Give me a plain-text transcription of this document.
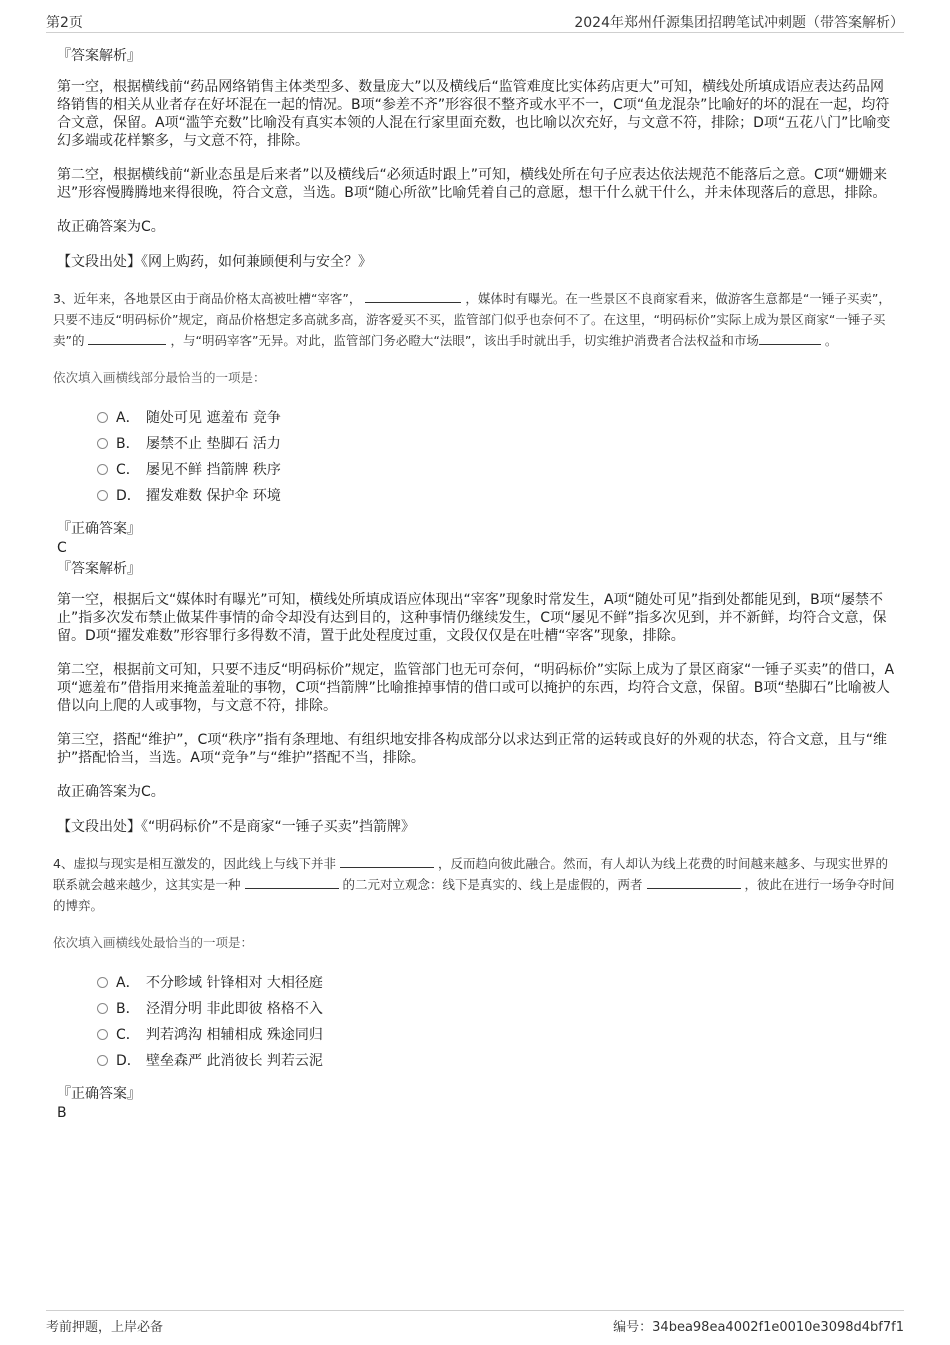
第2页	2024年郑州仟源集团招聘笔试冲刺题（带答案解析）
『答案解析』

第一空，根据横线前“药品网络销售主体类型多、数量庞大”以及横线后“监管难度比实体药店更大”可知，横线处所填成语应表达药品网络销售的相关从业者存在好坏混在一起的情况。B项“参差不齐”形容很不整齐或水平不一，C项“鱼龙混杂”比喻好的坏的混在一起，均符合文意，保留。A项“滥竽充数”比喻没有真实本领的人混在行家里面充数，也比喻以次充好，与文意不符，排除；D项“五花八门”比喻变幻多端或花样繁多，与文意不符，排除。

第二空，根据横线前“新业态虽是后来者”以及横线后“必须适时跟上”可知，横线处所在句子应表达依法规范不能落后之意。C项“姗姗来迟”形容慢腾腾地来得很晚，符合文意，当选。B项“随心所欲”比喻凭着自己的意愿，想干什么就干什么，并未体现落后的意思，排除。

故正确答案为C。

【文段出处】《网上购药，如何兼顾便利与安全？》
3、近年来，各地景区由于商品价格太高被吐槽“宰客”，	，媒体时有曝光。在一些景区不良商家看来，做游客生意都是“一锤子买卖”，只要不违反“明码标价”规定，商品价格想定多高就多高，游客爱买不买，监管部门似乎也奈何不了。在这里，“明码标价”实际上成为景区商家“一锤子买卖”的	，与“明码宰客”无异。对此，监管部门务必瞪大“法眼”，该出手时就出手，切实维护消费者合法权益和市场	。
依次填入画横线部分最恰当的一项是：
A． 随处可见 遮羞布 竞争
B． 屡禁不止 垫脚石 活力
C． 屡见不鲜 挡箭牌 秩序
D． 擢发难数 保护伞 环境
『正确答案』
C
『答案解析』

第一空，根据后文“媒体时有曝光”可知，横线处所填成语应体现出“宰客”现象时常发生，A项“随处可见”指到处都能见到，B项“屡禁不止”指多次发布禁止做某件事情的命令却没有达到目的，这种事情仍继续发生，C项“屡见不鲜”指多次见到，并不新鲜，均符合文意，保留。D项“擢发难数”形容罪行多得数不清，置于此处程度过重，文段仅仅是在吐槽“宰客”现象，排除。

第二空，根据前文可知，只要不违反“明码标价”规定，监管部门也无可奈何，“明码标价”实际上成为了景区商家“一锤子买卖”的借口，A项“遮羞布”借指用来掩盖羞耻的事物，C项“挡箭牌”比喻推掉事情的借口或可以掩护的东西，均符合文意，保留。B项“垫脚石”比喻被人借以向上爬的人或事物，与文意不符，排除。

第三空，搭配“维护”，C项“秩序”指有条理地、有组织地安排各构成部分以求达到正常的运转或良好的外观的状态，符合文意，且与“维护”搭配恰当，当选。A项“竞争”与“维护”搭配不当，排除。

故正确答案为C。

【文段出处】《“明码标价”不是商家“一锤子买卖”挡箭牌》
4、虚拟与现实是相互激发的，因此线上与线下并非	，反而趋向彼此融合。然而，有人却认为线上花费的时间越来越多、与现实世界的联系就会越来越少，这其实是一种	的二元对立观念：线下是真实的、线上是虚假的，两者	，彼此在进行一场争夺时间的博弈。
依次填入画横线处最恰当的一项是：
A． 不分畛域 针锋相对 大相径庭
B． 泾渭分明 非此即彼 格格不入
C． 判若鸿沟 相辅相成 殊途同归
D． 壁垒森严 此消彼长 判若云泥
『正确答案』
B
考前押题，上岸必备	编号：34bea98ea4002f1e0010e3098d4bf7f1
